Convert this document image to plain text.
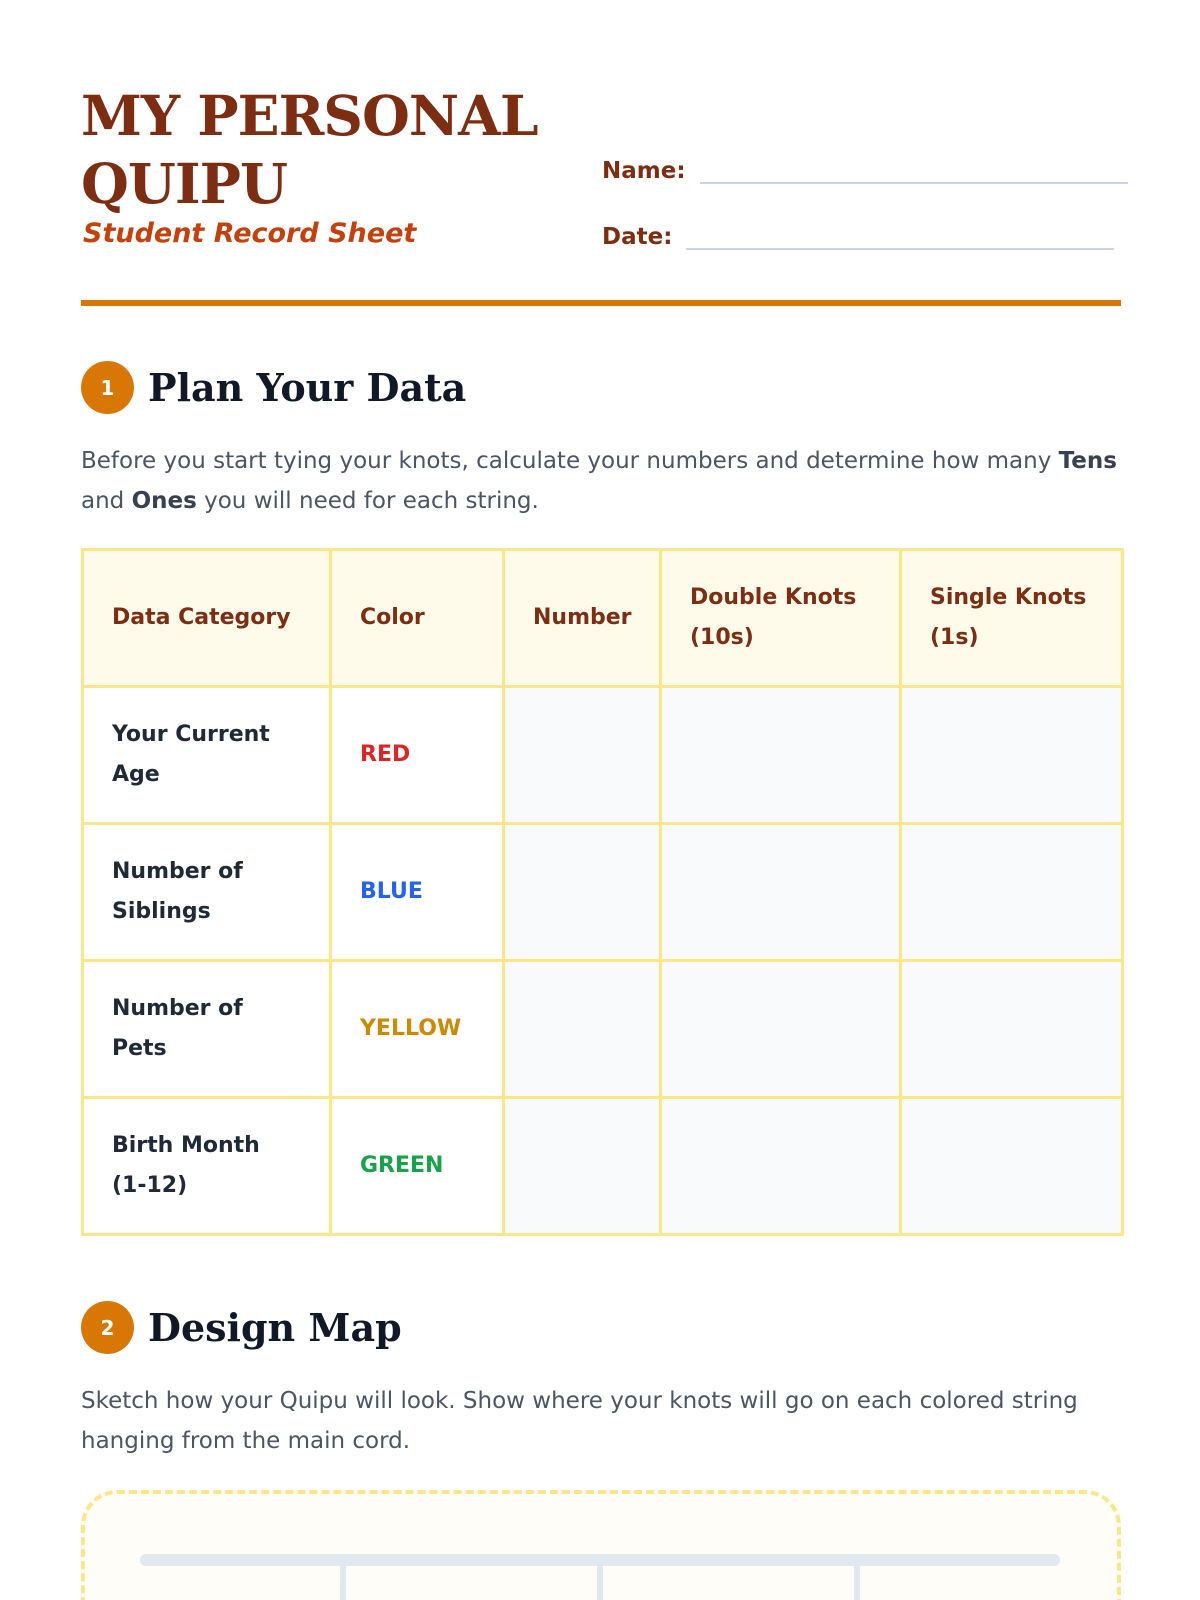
MY PERSONAL
QUIPU
Student Record Sheet
Name:
Date:
1 Plan Your Data

Before you start tying your knots, calculate your numbers and determine how many Tens and Ones you will need for each string.

Data Category	Color	Number	Double Knots (10s)	Single Knots (1s)
Your Current Age	RED			
Number of Siblings	BLUE			
Number of Pets	YELLOW			
Birth Month (1-12)	GREEN			
2 Design Map

Sketch how your Quipu will look. Show where your knots will go on each colored string hanging from the main cord.
